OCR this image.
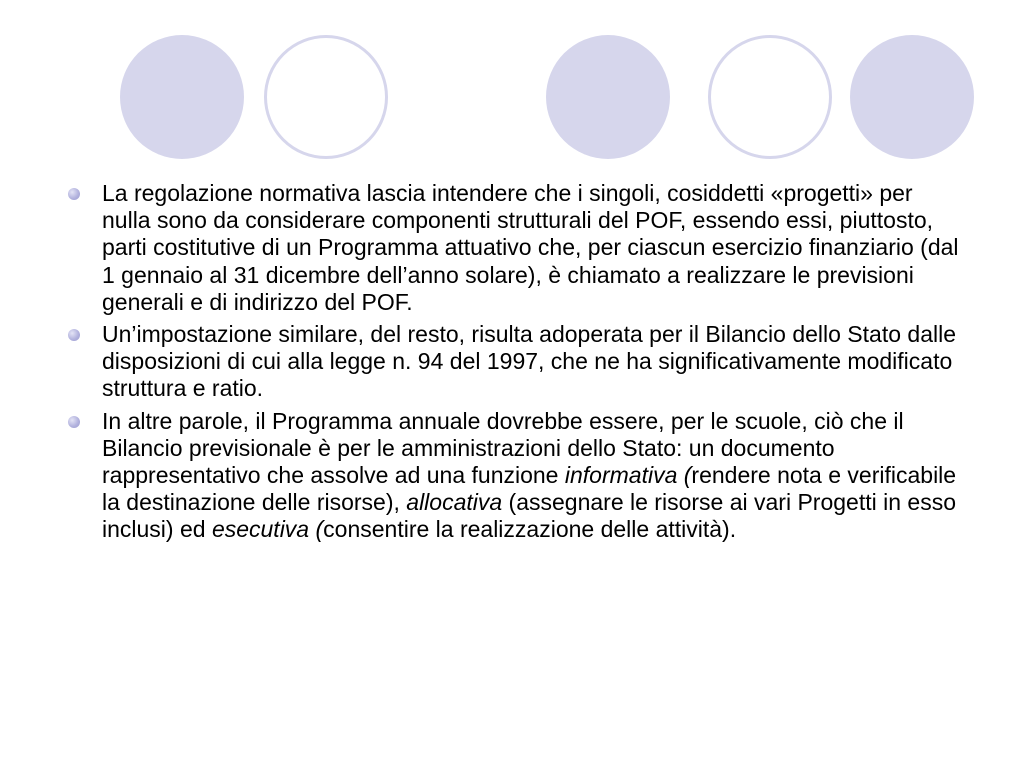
La regolazione normativa lascia intendere che i singoli, cosiddetti «progetti» per nulla sono da considerare componenti strutturali del POF, essendo essi, piuttosto, parti costitutive di un Programma attuativo che, per ciascun esercizio finanziario (dal 1 gennaio al 31 dicembre dell’anno solare), è chiamato a realizzare le previsioni generali e di indirizzo del POF.
Un’impostazione similare, del resto, risulta adoperata per il Bilancio dello Stato dalle disposizioni di cui alla legge n. 94 del 1997, che ne ha significativamente modificato struttura e ratio.
In altre parole, il Programma annuale dovrebbe essere, per le scuole, ciò che il Bilancio previsionale è per le amministrazioni dello Stato: un documento rappresentativo che assolve ad una funzione informativa (rendere nota e verificabile la destinazione delle risorse), allocativa (assegnare le risorse ai vari Progetti in esso inclusi) ed esecutiva (consentire la realizzazione delle attività).
